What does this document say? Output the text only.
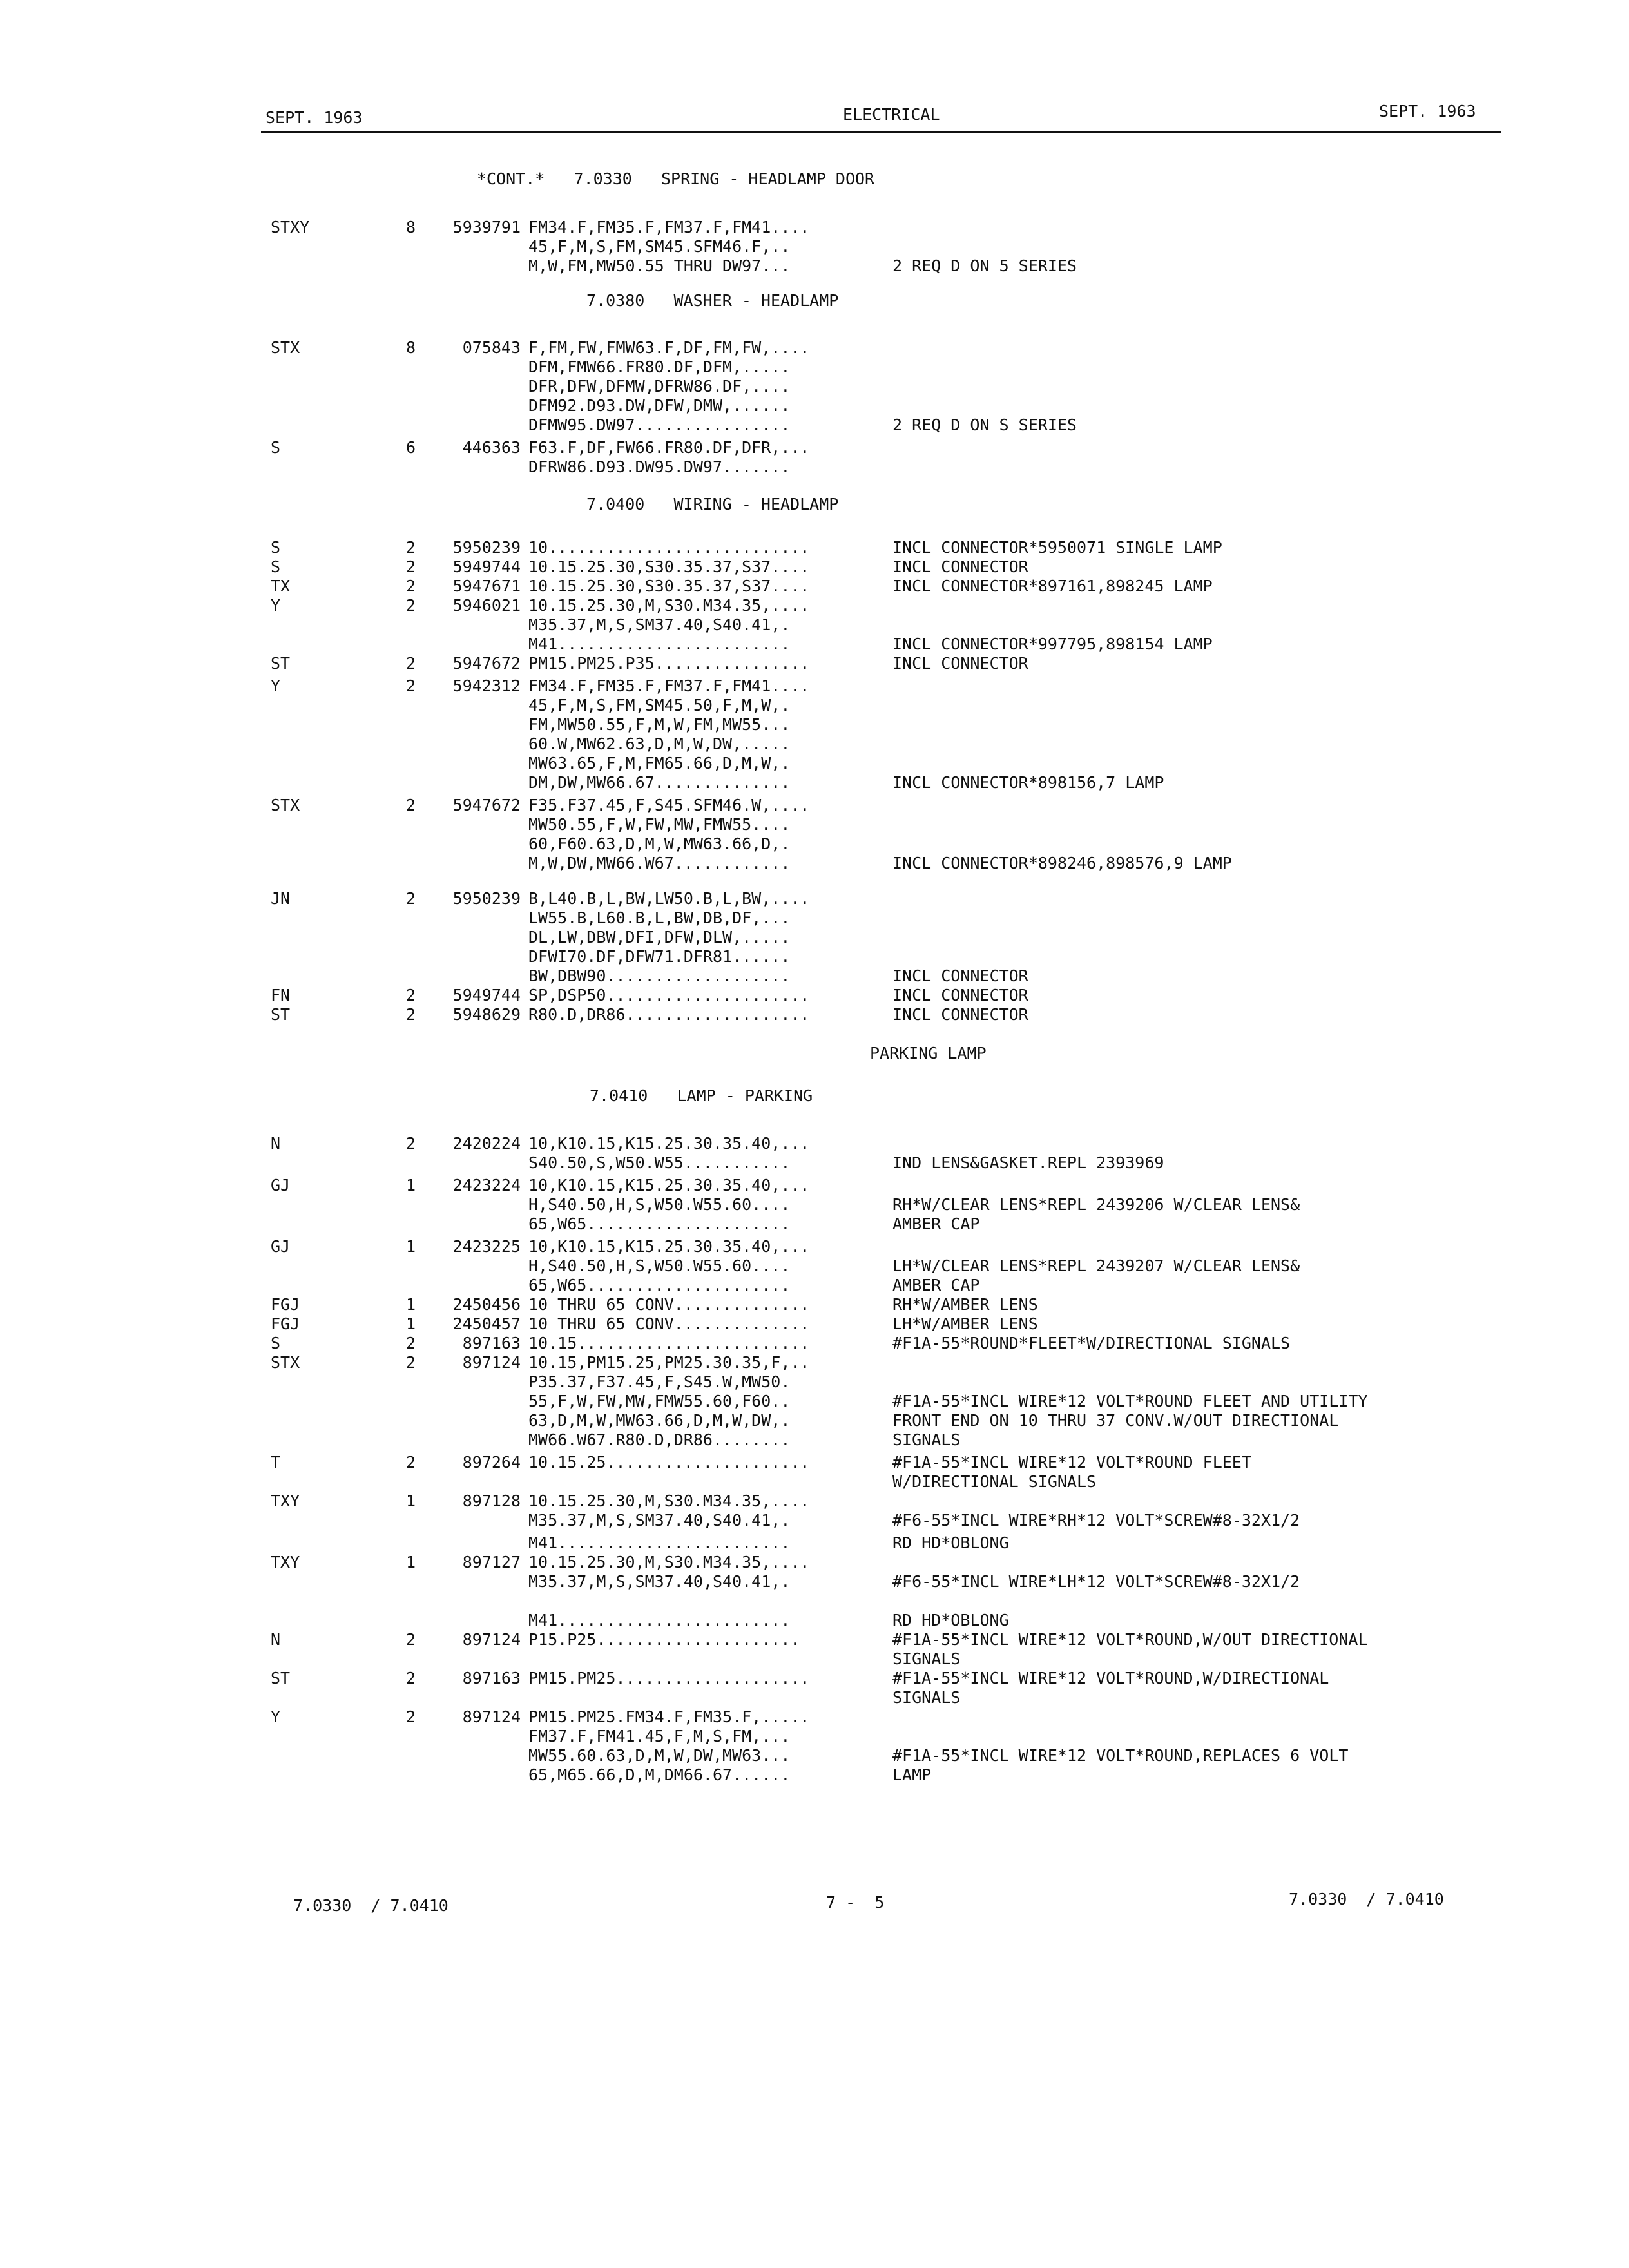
SEPT. 1963	ELECTRICAL	SEPT. 1963
*CONT.*   7.0330   SPRING - HEADLAMP DOOR
7.0380   WASHER - HEADLAMP
7.0400   WIRING - HEADLAMP
PARKING LAMP
7.0410   LAMP - PARKING
STXY	8	5939791 FM34.F,FM35.F,FM37.F,FM41....
45,F,M,S,FM,SM45.SFM46.F,..
M,W,FM,MW50.55 THRU DW97...	2 REQ D ON 5 SERIES
STX	8	075843 F,FM,FW,FMW63.F,DF,FM,FW,....
DFM,FMW66.FR80.DF,DFM,.....
DFR,DFW,DFMW,DFRW86.DF,....
DFM92.D93.DW,DFW,DMW,......
DFMW95.DW97................	2 REQ D ON S SERIES
S	6	446363 F63.F,DF,FW66.FR80.DF,DFR,...
DFRW86.D93.DW95.DW97.......
S	2	5950239 10...........................	INCL CONNECTOR*5950071 SINGLE LAMP
S	2	5949744 10.15.25.30,S30.35.37,S37....	INCL CONNECTOR
TX	2	5947671 10.15.25.30,S30.35.37,S37....	INCL CONNECTOR*897161,898245 LAMP
Y	2	5946021 10.15.25.30,M,S30.M34.35,....
M35.37,M,S,SM37.40,S40.41,.
M41........................	INCL CONNECTOR*997795,898154 LAMP
ST	2	5947672 PM15.PM25.P35................	INCL CONNECTOR
Y	2	5942312 FM34.F,FM35.F,FM37.F,FM41....
45,F,M,S,FM,SM45.50,F,M,W,.
FM,MW50.55,F,M,W,FM,MW55...
60.W,MW62.63,D,M,W,DW,.....
MW63.65,F,M,FM65.66,D,M,W,.
DM,DW,MW66.67..............	INCL CONNECTOR*898156,7 LAMP
STX	2	5947672 F35.F37.45,F,S45.SFM46.W,....
MW50.55,F,W,FW,MW,FMW55....
60,F60.63,D,M,W,MW63.66,D,.
M,W,DW,MW66.W67............	INCL CONNECTOR*898246,898576,9 LAMP
JN	2	5950239 B,L40.B,L,BW,LW50.B,L,BW,....
LW55.B,L60.B,L,BW,DB,DF,...
DL,LW,DBW,DFI,DFW,DLW,.....
DFWI70.DF,DFW71.DFR81......
BW,DBW90...................	INCL CONNECTOR
FN	2	5949744 SP,DSP50.....................	INCL CONNECTOR
ST	2	5948629 R80.D,DR86...................	INCL CONNECTOR
N	2	2420224 10,K10.15,K15.25.30.35.40,...
S40.50,S,W50.W55...........	IND LENS&GASKET.REPL 2393969
GJ	1	2423224 10,K10.15,K15.25.30.35.40,...
H,S40.50,H,S,W50.W55.60....	RH*W/CLEAR LENS*REPL 2439206 W/CLEAR LENS&
65,W65.....................	AMBER CAP
GJ	1	2423225 10,K10.15,K15.25.30.35.40,...
H,S40.50,H,S,W50.W55.60....	LH*W/CLEAR LENS*REPL 2439207 W/CLEAR LENS&
65,W65.....................	AMBER CAP
FGJ	1	2450456 10 THRU 65 CONV..............	RH*W/AMBER LENS
FGJ	1	2450457 10 THRU 65 CONV..............	LH*W/AMBER LENS
S	2	897163 10.15........................	#F1A-55*ROUND*FLEET*W/DIRECTIONAL SIGNALS
STX	2	897124 10.15,PM15.25,PM25.30.35,F,..
P35.37,F37.45,F,S45.W,MW50.
55,F,W,FW,MW,FMW55.60,F60..	#F1A-55*INCL WIRE*12 VOLT*ROUND FLEET AND UTILITY
63,D,M,W,MW63.66,D,M,W,DW,.	FRONT END ON 10 THRU 37 CONV.W/OUT DIRECTIONAL
MW66.W67.R80.D,DR86........	SIGNALS
T	2	897264 10.15.25.....................	#F1A-55*INCL WIRE*12 VOLT*ROUND FLEET
W/DIRECTIONAL SIGNALS
TXY	1	897128 10.15.25.30,M,S30.M34.35,....
M35.37,M,S,SM37.40,S40.41,.	#F6-55*INCL WIRE*RH*12 VOLT*SCREW#8-32X1/2
M41........................	RD HD*OBLONG
TXY	1	897127 10.15.25.30,M,S30.M34.35,....
M35.37,M,S,SM37.40,S40.41,.	#F6-55*INCL WIRE*LH*12 VOLT*SCREW#8-32X1/2
M41........................	RD HD*OBLONG
N	2	897124 P15.P25.....................	#F1A-55*INCL WIRE*12 VOLT*ROUND,W/OUT DIRECTIONAL
SIGNALS
ST	2	897163 PM15.PM25....................	#F1A-55*INCL WIRE*12 VOLT*ROUND,W/DIRECTIONAL
SIGNALS
Y	2	897124 PM15.PM25.FM34.F,FM35.F,.....
FM37.F,FM41.45,F,M,S,FM,...
MW55.60.63,D,M,W,DW,MW63...	#F1A-55*INCL WIRE*12 VOLT*ROUND,REPLACES 6 VOLT
65,M65.66,D,M,DM66.67......	LAMP
7.0330  / 7.0410	7 -  5	7.0330  / 7.0410
